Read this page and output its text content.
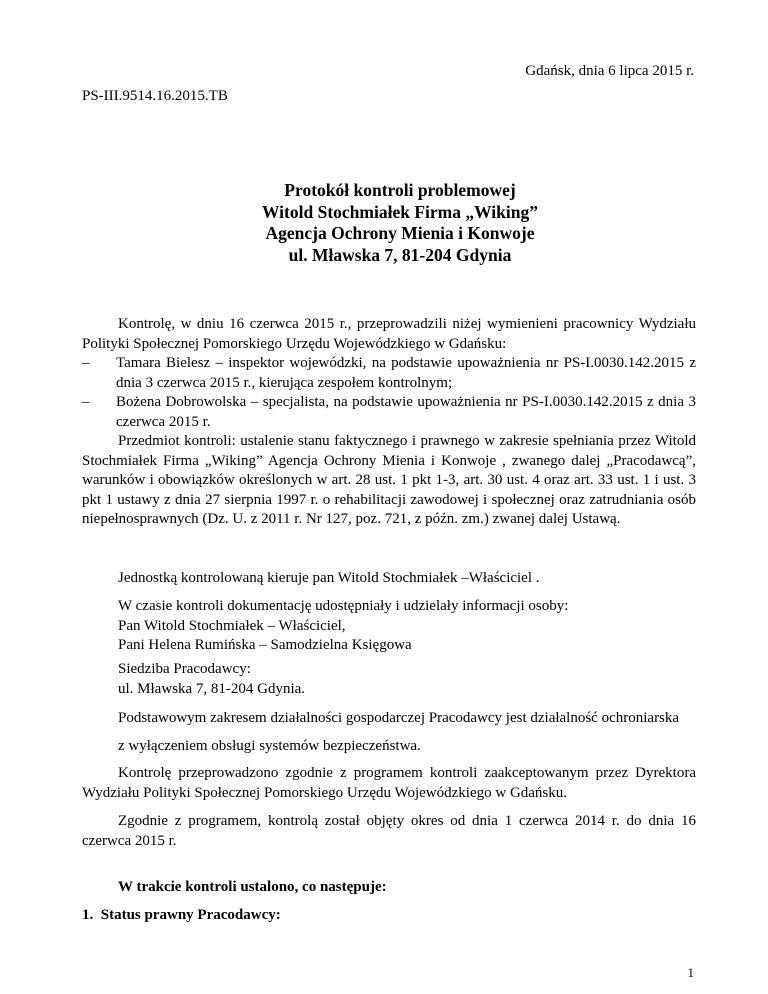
Gdańsk, dnia 6 lipca 2015 r.
PS-III.9514.16.2015.TB
Protokół kontroli problemowej
Witold Stochmiałek Firma „Wiking”
Agencja Ochrony Mienia i Konwoje
ul. Mławska 7, 81-204 Gdynia
Kontrolę, w dniu 16 czerwca 2015 r., przeprowadzili niżej wymienieni pracownicy Wydziału Polityki Społecznej Pomorskiego Urzędu Wojewódzkiego w Gdańsku:
– Tamara Bielesz – inspektor wojewódzki, na podstawie upoważnienia nr PS-I.0030.142.2015 z dnia 3 czerwca 2015 r., kierująca zespołem kontrolnym;
– Bożena Dobrowolska – specjalista, na podstawie upoważnienia nr PS-I.0030.142.2015 z dnia 3 czerwca 2015 r.
Przedmiot kontroli: ustalenie stanu faktycznego i prawnego w zakresie spełniania przez Witold Stochmiałek Firma „Wiking” Agencja Ochrony Mienia i Konwoje , zwanego dalej „Pracodawcą”, warunków i obowiązków określonych w art. 28 ust. 1 pkt 1-3, art. 30 ust. 4 oraz art. 33 ust. 1 i ust. 3 pkt 1 ustawy z dnia 27 sierpnia 1997 r. o rehabilitacji zawodowej i społecznej oraz zatrudniania osób niepełnosprawnych (Dz. U. z 2011 r. Nr 127, poz. 721, z późn. zm.) zwanej dalej Ustawą.
Jednostką kontrolowaną kieruje pan Witold Stochmiałek –Właściciel .
W czasie kontroli dokumentację udostępniały i udzielały informacji osoby:
Pan Witold Stochmiałek – Właściciel,
Pani Helena Rumińska – Samodzielna Księgowa
Siedziba Pracodawcy:
ul. Mławska 7, 81-204 Gdynia.
Podstawowym zakresem działalności gospodarczej Pracodawcy jest działalność ochroniarska
z wyłączeniem obsługi systemów bezpieczeństwa.
Kontrolę przeprowadzono zgodnie z programem kontroli zaakceptowanym przez Dyrektora Wydziału Polityki Społecznej Pomorskiego Urzędu Wojewódzkiego w Gdańsku.
Zgodnie z programem, kontrolą został objęty okres od dnia 1 czerwca 2014 r. do dnia 16 czerwca 2015 r.
W trakcie kontroli ustalono, co następuje:
1.  Status prawny Pracodawcy:
1
